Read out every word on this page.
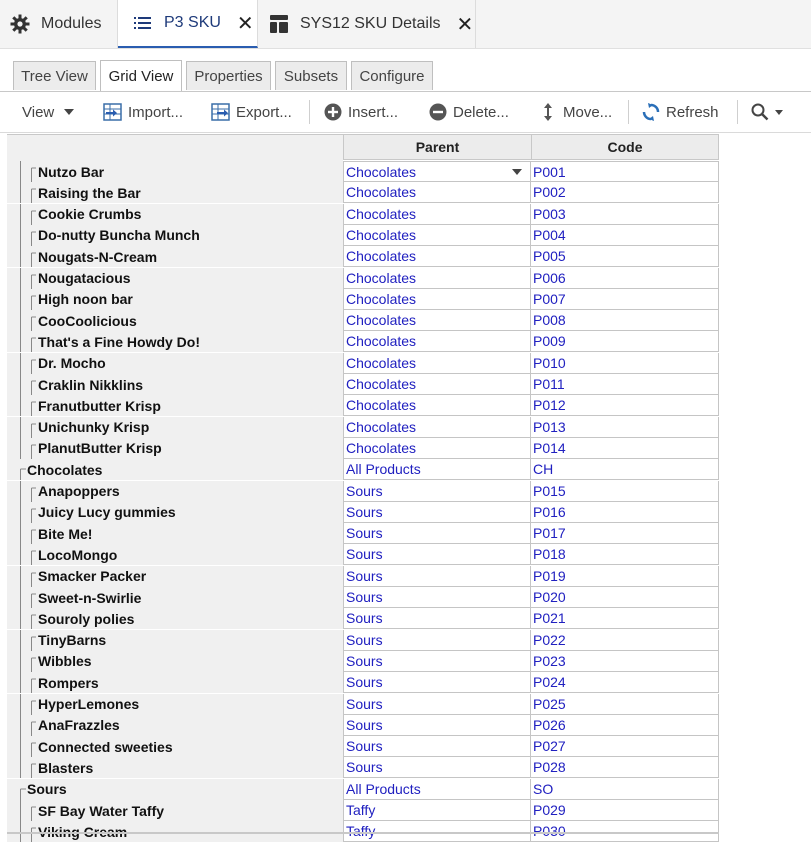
Modules	P3 SKU ✕	SYS12 SKU Details ✕
Tree View	Grid View	Properties	Subsets	Configure
View	Import...	Export...	Insert...	Delete...	Move...	Refresh
Parent	Code
Nutzo Bar	Chocolates	P001
Raising the Bar	Chocolates	P002
Cookie Crumbs	Chocolates	P003
Do-nutty Buncha Munch	Chocolates	P004
Nougats-N-Cream	Chocolates	P005
Nougatacious	Chocolates	P006
High noon bar	Chocolates	P007
CooCoolicious	Chocolates	P008
That's a Fine Howdy Do!	Chocolates	P009
Dr. Mocho	Chocolates	P010
Craklin Nikklins	Chocolates	P011
Franutbutter Krisp	Chocolates	P012
Unichunky Krisp	Chocolates	P013
PlanutButter Krisp	Chocolates	P014
Chocolates	All Products	CH
Anapoppers	Sours	P015
Juicy Lucy gummies	Sours	P016
Bite Me!	Sours	P017
LocoMongo	Sours	P018
Smacker Packer	Sours	P019
Sweet-n-Swirlie	Sours	P020
Souroly polies	Sours	P021
TinyBarns	Sours	P022
Wibbles	Sours	P023
Rompers	Sours	P024
HyperLemones	Sours	P025
AnaFrazzles	Sours	P026
Connected sweeties	Sours	P027
Blasters	Sours	P028
Sours	All Products	SO
SF Bay Water Taffy	Taffy	P029
